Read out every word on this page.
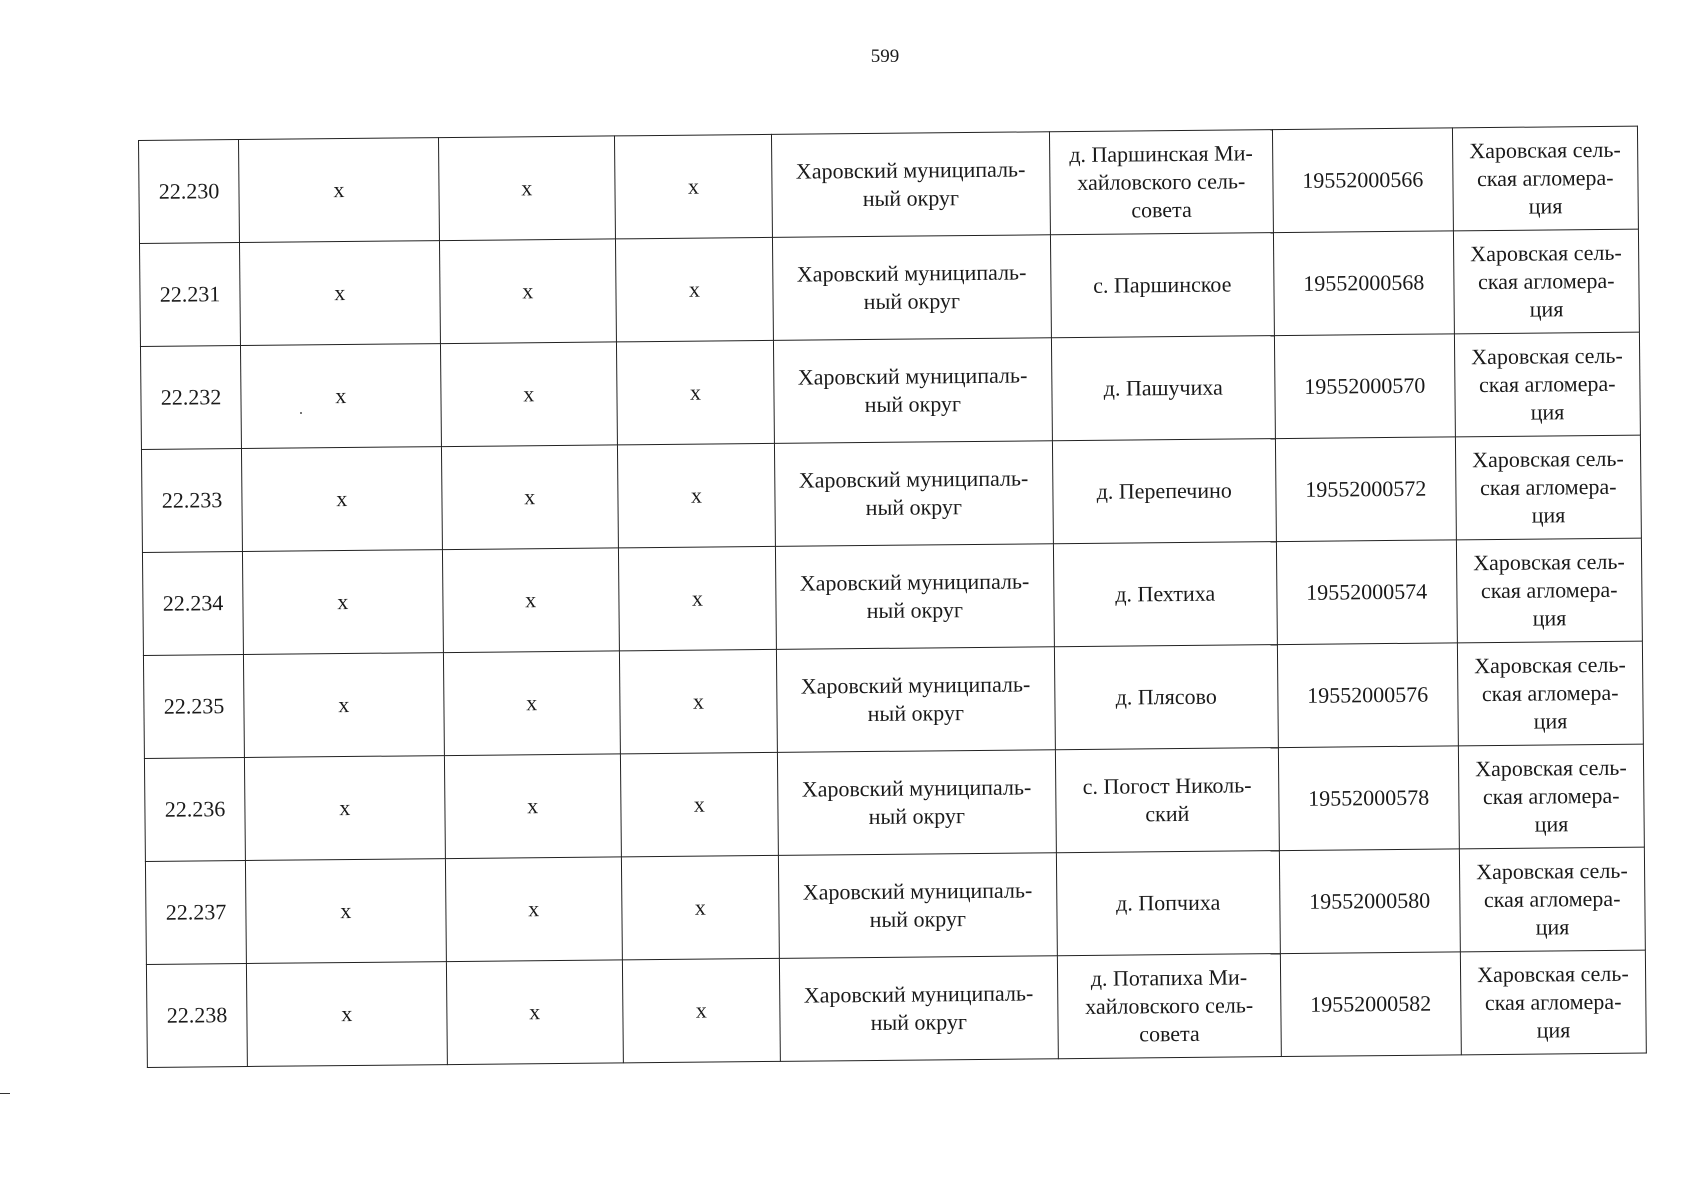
599
22.230	х	х	х	Харовский муниципаль-
ный округ	д. Паршинская Ми-
хайловского сель-
совета	19552000566	Харовская сель-
ская агломера-
ция
22.231	х	х	х	Харовский муниципаль-
ный округ	с. Паршинское	19552000568	Харовская сель-
ская агломера-
ция
22.232	х	х	х	Харовский муниципаль-
ный округ	д. Пашучиха	19552000570	Харовская сель-
ская агломера-
ция
22.233	х	х	х	Харовский муниципаль-
ный округ	д. Перепечино	19552000572	Харовская сель-
ская агломера-
ция
22.234	х	х	х	Харовский муниципаль-
ный округ	д. Пехтиха	19552000574	Харовская сель-
ская агломера-
ция
22.235	х	х	х	Харовский муниципаль-
ный округ	д. Плясово	19552000576	Харовская сель-
ская агломера-
ция
22.236	х	х	х	Харовский муниципаль-
ный округ	с. Погост Николь-
ский	19552000578	Харовская сель-
ская агломера-
ция
22.237	х	х	х	Харовский муниципаль-
ный округ	д. Попчиха	19552000580	Харовская сель-
ская агломера-
ция
22.238	х	х	х	Харовский муниципаль-
ный округ	д. Потапиха Ми-
хайловского сель-
совета	19552000582	Харовская сель-
ская агломера-
ция
